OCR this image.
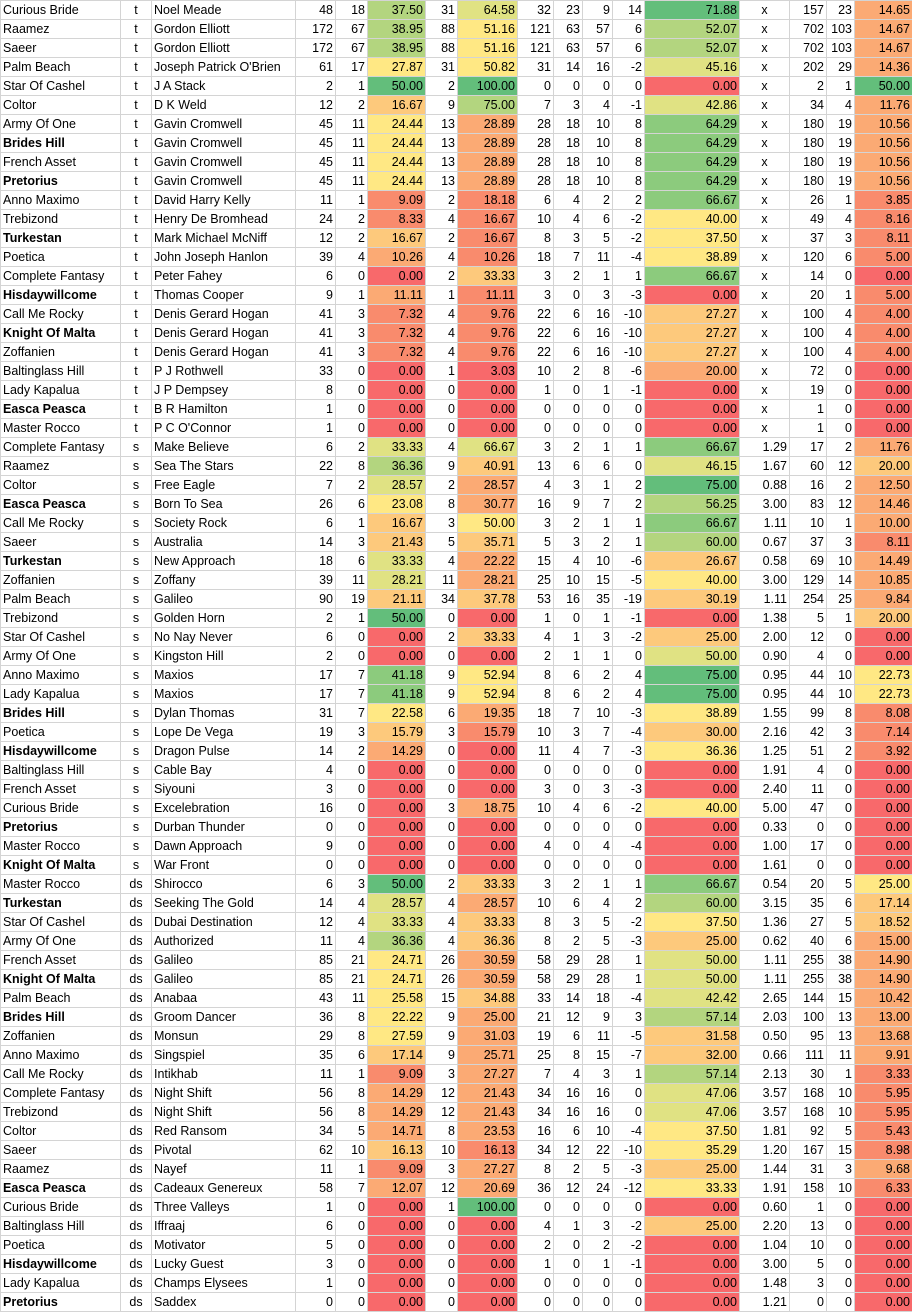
Curious Bride	t	Noel Meade	48	18	37.50	31	64.58	32	23	9	14	71.88	x	157	23	14.65
Raamez	t	Gordon Elliott	172	67	38.95	88	51.16	121	63	57	6	52.07	x	702	103	14.67
Saeer	t	Gordon Elliott	172	67	38.95	88	51.16	121	63	57	6	52.07	x	702	103	14.67
Palm Beach	t	Joseph Patrick O'Brien	61	17	27.87	31	50.82	31	14	16	-2	45.16	x	202	29	14.36
Star Of Cashel	t	J A Stack	2	1	50.00	2	100.00	0	0	0	0	0.00	x	2	1	50.00
Coltor	t	D K Weld	12	2	16.67	9	75.00	7	3	4	-1	42.86	x	34	4	11.76
Army Of One	t	Gavin Cromwell	45	11	24.44	13	28.89	28	18	10	8	64.29	x	180	19	10.56
Brides Hill	t	Gavin Cromwell	45	11	24.44	13	28.89	28	18	10	8	64.29	x	180	19	10.56
French Asset	t	Gavin Cromwell	45	11	24.44	13	28.89	28	18	10	8	64.29	x	180	19	10.56
Pretorius	t	Gavin Cromwell	45	11	24.44	13	28.89	28	18	10	8	64.29	x	180	19	10.56
Anno Maximo	t	David Harry Kelly	11	1	9.09	2	18.18	6	4	2	2	66.67	x	26	1	3.85
Trebizond	t	Henry De Bromhead	24	2	8.33	4	16.67	10	4	6	-2	40.00	x	49	4	8.16
Turkestan	t	Mark Michael McNiff	12	2	16.67	2	16.67	8	3	5	-2	37.50	x	37	3	8.11
Poetica	t	John Joseph Hanlon	39	4	10.26	4	10.26	18	7	11	-4	38.89	x	120	6	5.00
Complete Fantasy	t	Peter Fahey	6	0	0.00	2	33.33	3	2	1	1	66.67	x	14	0	0.00
Hisdaywillcome	t	Thomas Cooper	9	1	11.11	1	11.11	3	0	3	-3	0.00	x	20	1	5.00
Call Me Rocky	t	Denis Gerard Hogan	41	3	7.32	4	9.76	22	6	16	-10	27.27	x	100	4	4.00
Knight Of Malta	t	Denis Gerard Hogan	41	3	7.32	4	9.76	22	6	16	-10	27.27	x	100	4	4.00
Zoffanien	t	Denis Gerard Hogan	41	3	7.32	4	9.76	22	6	16	-10	27.27	x	100	4	4.00
Baltinglass Hill	t	P J Rothwell	33	0	0.00	1	3.03	10	2	8	-6	20.00	x	72	0	0.00
Lady Kapalua	t	J P Dempsey	8	0	0.00	0	0.00	1	0	1	-1	0.00	x	19	0	0.00
Easca Peasca	t	B R Hamilton	1	0	0.00	0	0.00	0	0	0	0	0.00	x	1	0	0.00
Master Rocco	t	P C O'Connor	1	0	0.00	0	0.00	0	0	0	0	0.00	x	1	0	0.00
Complete Fantasy	s	Make Believe	6	2	33.33	4	66.67	3	2	1	1	66.67	1.29	17	2	11.76
Raamez	s	Sea The Stars	22	8	36.36	9	40.91	13	6	6	0	46.15	1.67	60	12	20.00
Coltor	s	Free Eagle	7	2	28.57	2	28.57	4	3	1	2	75.00	0.88	16	2	12.50
Easca Peasca	s	Born To Sea	26	6	23.08	8	30.77	16	9	7	2	56.25	3.00	83	12	14.46
Call Me Rocky	s	Society Rock	6	1	16.67	3	50.00	3	2	1	1	66.67	1.11	10	1	10.00
Saeer	s	Australia	14	3	21.43	5	35.71	5	3	2	1	60.00	0.67	37	3	8.11
Turkestan	s	New Approach	18	6	33.33	4	22.22	15	4	10	-6	26.67	0.58	69	10	14.49
Zoffanien	s	Zoffany	39	11	28.21	11	28.21	25	10	15	-5	40.00	3.00	129	14	10.85
Palm Beach	s	Galileo	90	19	21.11	34	37.78	53	16	35	-19	30.19	1.11	254	25	9.84
Trebizond	s	Golden Horn	2	1	50.00	0	0.00	1	0	1	-1	0.00	1.38	5	1	20.00
Star Of Cashel	s	No Nay Never	6	0	0.00	2	33.33	4	1	3	-2	25.00	2.00	12	0	0.00
Army Of One	s	Kingston Hill	2	0	0.00	0	0.00	2	1	1	0	50.00	0.90	4	0	0.00
Anno Maximo	s	Maxios	17	7	41.18	9	52.94	8	6	2	4	75.00	0.95	44	10	22.73
Lady Kapalua	s	Maxios	17	7	41.18	9	52.94	8	6	2	4	75.00	0.95	44	10	22.73
Brides Hill	s	Dylan Thomas	31	7	22.58	6	19.35	18	7	10	-3	38.89	1.55	99	8	8.08
Poetica	s	Lope De Vega	19	3	15.79	3	15.79	10	3	7	-4	30.00	2.16	42	3	7.14
Hisdaywillcome	s	Dragon Pulse	14	2	14.29	0	0.00	11	4	7	-3	36.36	1.25	51	2	3.92
Baltinglass Hill	s	Cable Bay	4	0	0.00	0	0.00	0	0	0	0	0.00	1.91	4	0	0.00
French Asset	s	Siyouni	3	0	0.00	0	0.00	3	0	3	-3	0.00	2.40	11	0	0.00
Curious Bride	s	Excelebration	16	0	0.00	3	18.75	10	4	6	-2	40.00	5.00	47	0	0.00
Pretorius	s	Durban Thunder	0	0	0.00	0	0.00	0	0	0	0	0.00	0.33	0	0	0.00
Master Rocco	s	Dawn Approach	9	0	0.00	0	0.00	4	0	4	-4	0.00	1.00	17	0	0.00
Knight Of Malta	s	War Front	0	0	0.00	0	0.00	0	0	0	0	0.00	1.61	0	0	0.00
Master Rocco	ds	Shirocco	6	3	50.00	2	33.33	3	2	1	1	66.67	0.54	20	5	25.00
Turkestan	ds	Seeking The Gold	14	4	28.57	4	28.57	10	6	4	2	60.00	3.15	35	6	17.14
Star Of Cashel	ds	Dubai Destination	12	4	33.33	4	33.33	8	3	5	-2	37.50	1.36	27	5	18.52
Army Of One	ds	Authorized	11	4	36.36	4	36.36	8	2	5	-3	25.00	0.62	40	6	15.00
French Asset	ds	Galileo	85	21	24.71	26	30.59	58	29	28	1	50.00	1.11	255	38	14.90
Knight Of Malta	ds	Galileo	85	21	24.71	26	30.59	58	29	28	1	50.00	1.11	255	38	14.90
Palm Beach	ds	Anabaa	43	11	25.58	15	34.88	33	14	18	-4	42.42	2.65	144	15	10.42
Brides Hill	ds	Groom Dancer	36	8	22.22	9	25.00	21	12	9	3	57.14	2.03	100	13	13.00
Zoffanien	ds	Monsun	29	8	27.59	9	31.03	19	6	11	-5	31.58	0.50	95	13	13.68
Anno Maximo	ds	Singspiel	35	6	17.14	9	25.71	25	8	15	-7	32.00	0.66	111	11	9.91
Call Me Rocky	ds	Intikhab	11	1	9.09	3	27.27	7	4	3	1	57.14	2.13	30	1	3.33
Complete Fantasy	ds	Night Shift	56	8	14.29	12	21.43	34	16	16	0	47.06	3.57	168	10	5.95
Trebizond	ds	Night Shift	56	8	14.29	12	21.43	34	16	16	0	47.06	3.57	168	10	5.95
Coltor	ds	Red Ransom	34	5	14.71	8	23.53	16	6	10	-4	37.50	1.81	92	5	5.43
Saeer	ds	Pivotal	62	10	16.13	10	16.13	34	12	22	-10	35.29	1.20	167	15	8.98
Raamez	ds	Nayef	11	1	9.09	3	27.27	8	2	5	-3	25.00	1.44	31	3	9.68
Easca Peasca	ds	Cadeaux Genereux	58	7	12.07	12	20.69	36	12	24	-12	33.33	1.91	158	10	6.33
Curious Bride	ds	Three Valleys	1	0	0.00	1	100.00	0	0	0	0	0.00	0.60	1	0	0.00
Baltinglass Hill	ds	Iffraaj	6	0	0.00	0	0.00	4	1	3	-2	25.00	2.20	13	0	0.00
Poetica	ds	Motivator	5	0	0.00	0	0.00	2	0	2	-2	0.00	1.04	10	0	0.00
Hisdaywillcome	ds	Lucky Guest	3	0	0.00	0	0.00	1	0	1	-1	0.00	3.00	5	0	0.00
Lady Kapalua	ds	Champs Elysees	1	0	0.00	0	0.00	0	0	0	0	0.00	1.48	3	0	0.00
Pretorius	ds	Saddex	0	0	0.00	0	0.00	0	0	0	0	0.00	1.21	0	0	0.00
